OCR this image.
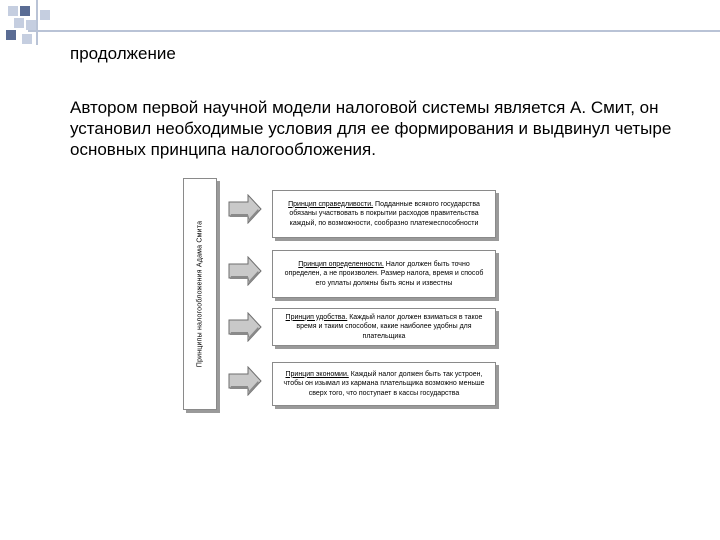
продолжение
Автором первой научной модели налоговой системы является А. Смит, он установил необходимые условия для ее формирования и выдвинул четыре основных принципа налогообложения.
Принципы налогообложения Адама Смита
Принцип справедливости. Подданные всякого государства обязаны участвовать в покрытии расходов правительства каждый, по возможности, сообразно платежеспособности
Принцип определенности. Налог должен быть точно определен, а не произволен. Размер налога, время и способ его уплаты должны быть ясны и известны
Принцип удобства. Каждый налог должен взиматься в такое время и таким способом, какие наиболее удобны для плательщика
Принцип экономии. Каждый налог должен быть так устроен, чтобы он изымал из кармана плательщика возможно меньше сверх того, что поступает в кассы государства
